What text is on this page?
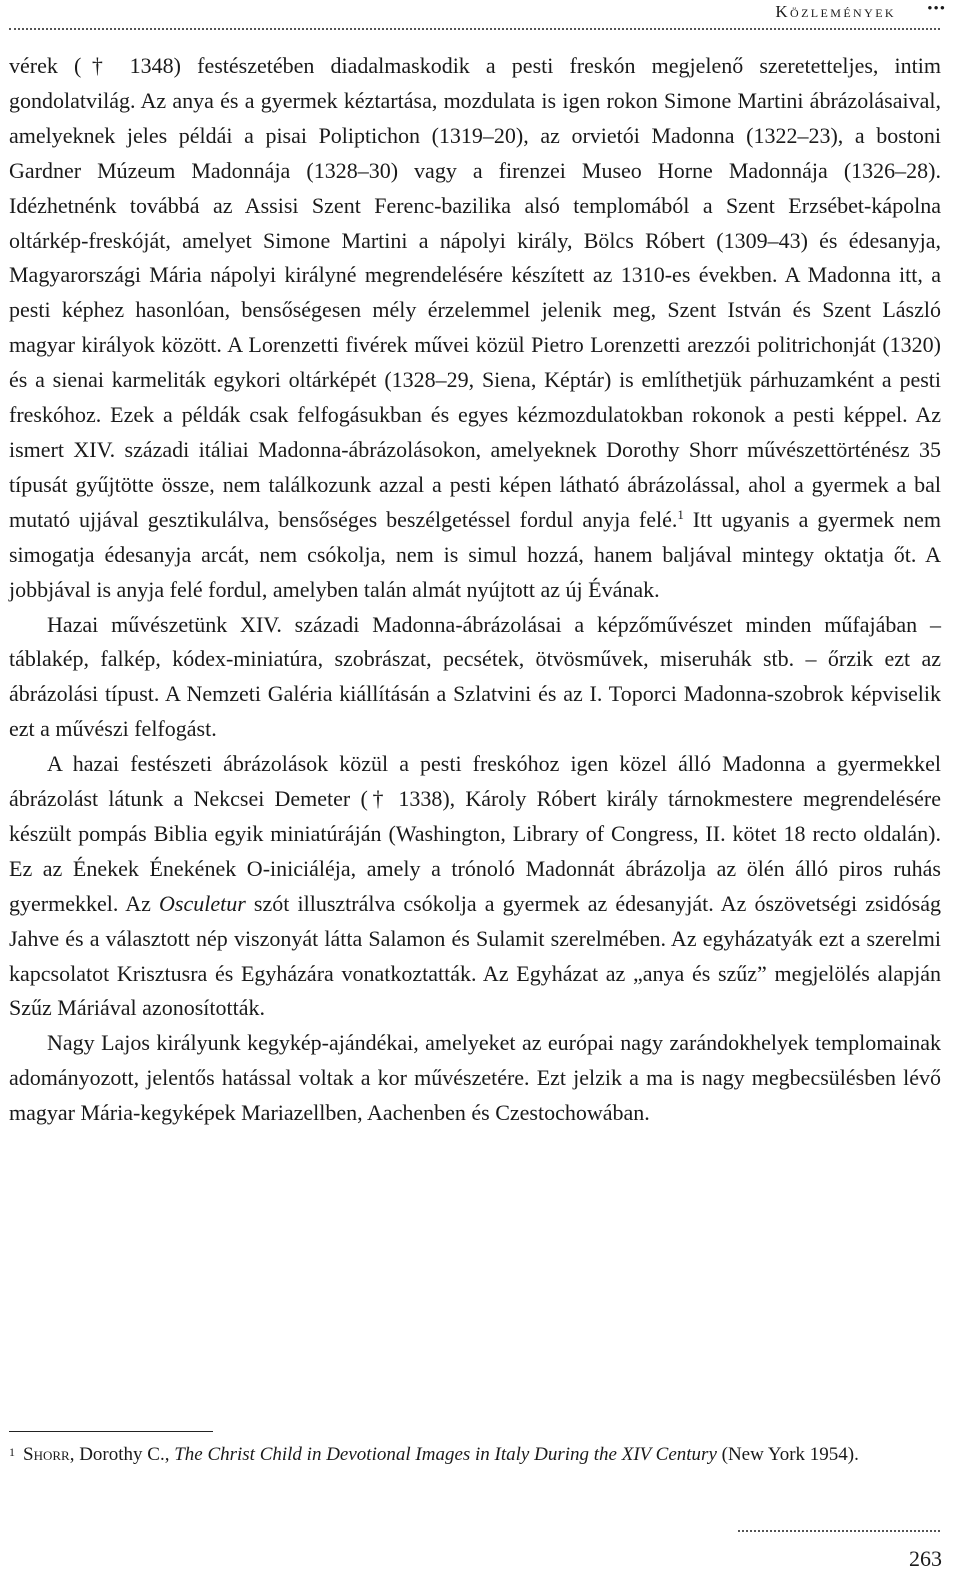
Közlemények •••

vérek († 1348) festészetében diadalmaskodik a pesti freskón megjelenő szeretetteljes, intim gondolatvilág. Az anya és a gyermek kéztartása, mozdulata is igen rokon Simone Martini ábrázolásaival, amelyeknek jeles példái a pisai Poliptichon (1319–20), az orvietói Madonna (1322–23), a bostoni Gardner Múzeum Madonnája (1328–30) vagy a firenzei Museo Horne Madonnája (1326–28). Idézhetnénk továbbá az Assisi Szent Ferenc-bazilika alsó templomából a Szent Erzsébet-kápolna oltárkép-freskóját, amelyet Simone Martini a nápolyi király, Bölcs Róbert (1309–43) és édesanyja, Magyarországi Mária nápolyi királyné megrendelésére készített az 1310-es években. A Madonna itt, a pesti képhez hasonlóan, bensőségesen mély érzelemmel jelenik meg, Szent István és Szent László magyar királyok között. A Lorenzetti fivérek művei közül Pietro Lorenzetti arezzói politrichonját (1320) és a sienai karmeliták egykori oltárképét (1328–29, Siena, Képtár) is említhetjük párhuzamként a pesti freskóhoz. Ezek a példák csak felfogásukban és egyes kézmozdulatokban rokonok a pesti képpel. Az ismert XIV. századi itáliai Madonna-ábrázolásokon, amelyeknek Dorothy Shorr művészettörténész 35 típusát gyűjtötte össze, nem találkozunk azzal a pesti képen látható ábrázolással, ahol a gyermek a bal mutató ujjával gesztikulálva, bensőséges beszélgetéssel fordul anyja felé.$^1$ Itt ugyanis a gyermek nem simogatja édesanyja arcát, nem csókolja, nem is simul hozzá, hanem baljával mintegy oktatja őt. A jobbjával is anyja felé fordul, amelyben talán almát nyújtott az új Évának.

Hazai művészetünk XIV. századi Madonna-ábrázolásai a képzőművészet minden műfajában – táblakép, falkép, kódex-miniatúra, szobrászat, pecsétek, ötvösművek, miseruhák stb. – őrzik ezt az ábrázolási típust. A Nemzeti Galéria kiállításán a Szlatvini és az I. Toporci Madonna-szobrok képviselik ezt a művészi felfogást.

A hazai festészeti ábrázolások közül a pesti freskóhoz igen közel álló Madonna a gyermekkel ábrázolást látunk a Nekcsei Demeter († 1338), Károly Róbert király tárnokmestere megrendelésére készült pompás Biblia egyik miniatúráján (Washington, Library of Congress, II. kötet 18 recto oldalán). Ez az Énekek Énekének O-iniciáléja, amely a trónoló Madonnát ábrázolja az ölén álló piros ruhás gyermekkel. Az Osculetur szót illusztrálva csókolja a gyermek az édesanyját. Az ószövetségi zsidóság Jahve és a választott nép viszonyát látta Salamon és Sulamit szerelmében. Az egyházatyák ezt a szerelmi kapcsolatot Krisztusra és Egyházára vonatkoztatták. Az Egyházat az „anya és szűz” megjelölés alapján Szűz Máriával azonosították.

Nagy Lajos királyunk kegykép-ajándékai, amelyeket az európai nagy zarándokhelyek templomainak adományozott, jelentős hatással voltak a kor művészetére. Ezt jelzik a ma is nagy megbecsülésben lévő magyar Mária-kegyképek Mariazellben, Aachenben és Czestochowában.

1 Shorr, Dorothy C., The Christ Child in Devotional Images in Italy During the XIV Century (New York 1954).
263
